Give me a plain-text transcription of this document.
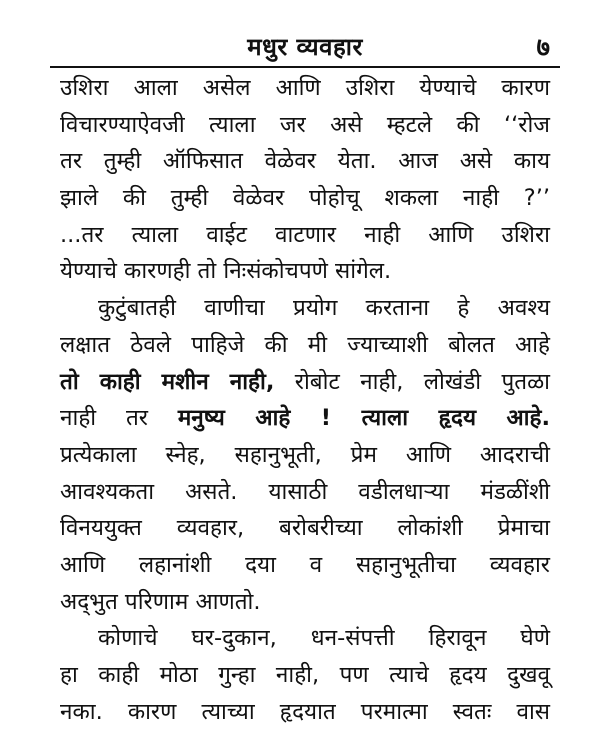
मधुर व्यवहार	७
उशिरा आला असेल आणि उशिरा येण्याचे कारण
विचारण्याऐवजी त्याला जर असे म्हटले की ‘‘रोज
तर तुम्ही ऑफिसात वेळेवर येता. आज असे काय
झाले की तुम्ही वेळेवर पोहोचू शकला नाही ?’’
...तर त्याला वाईट वाटणार नाही आणि उशिरा
येण्याचे कारणही तो निःसंकोचपणे सांगेल.
कुटुंबातही वाणीचा प्रयोग करताना हे अवश्य
लक्षात ठेवले पाहिजे की मी ज्याच्याशी बोलत आहे
तो काही मशीन नाही, रोबोट नाही, लोखंडी पुतळा
नाही तर मनुष्य आहे ! त्याला हृदय आहे.
प्रत्येकाला स्नेह, सहानुभूती, प्रेम आणि आदराची
आवश्यकता असते. यासाठी वडीलधाऱ्या मंडळींशी
विनययुक्त व्यवहार, बरोबरीच्या लोकांशी प्रेमाचा
आणि लहानांशी दया व सहानुभूतीचा व्यवहार
अद्‌भुत परिणाम आणतो.
कोणाचे घर-दुकान, धन-संपत्ती हिरावून घेणे
हा काही मोठा गुन्हा नाही, पण त्याचे हृदय दुखवू
नका. कारण त्याच्या हृदयात परमात्मा स्वतः वास
